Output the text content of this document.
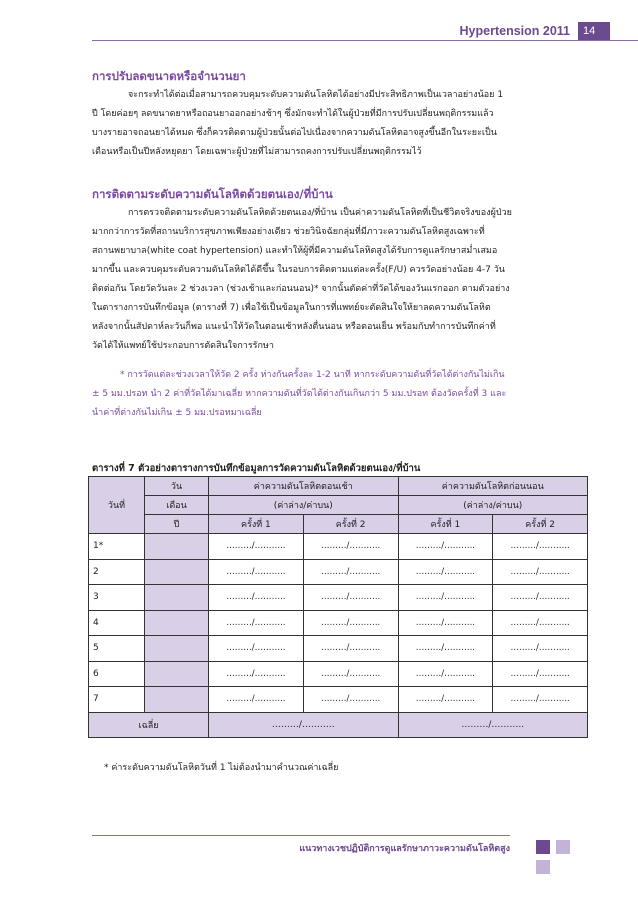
Hypertension 2011	14
การปรับลดขนาดหรือจำนวนยา
จะกระทำได้ต่อเมื่อสามารถควบคุมระดับความดันโลหิตได้อย่างมีประสิทธิภาพเป็นเวลาอย่างน้อย 1
ปี โดยค่อยๆ ลดขนาดยาหรือถอนยาออกอย่างช้าๆ ซึ่งมักจะทำได้ในผู้ป่วยที่มีการปรับเปลี่ยนพฤติกรรมแล้ว
บางรายอาจถอนยาได้หมด ซึ่งก็ควรติดตามผู้ป่วยนั้นต่อไปเนื่องจากความดันโลหิตอาจสูงขึ้นอีกในระยะเป็น
เดือนหรือเป็นปีหลังหยุดยา โดยเฉพาะผู้ป่วยที่ไม่สามารถคงการปรับเปลี่ยนพฤติกรรมไว้
การติดตามระดับความดันโลหิตด้วยตนเอง/ที่บ้าน
การตรวจติดตามระดับความดันโลหิตด้วยตนเอง/ที่บ้าน เป็นค่าความดันโลหิตที่เป็นชีวิตจริงของผู้ป่วย
มากกว่าการวัดที่สถานบริการสุขภาพเพียงอย่างเดียว ช่วยวินิจฉัยกลุ่มที่มีภาวะความดันโลหิตสูงเฉพาะที่
สถานพยาบาล(white coat hypertension) และทำให้ผู้ที่มีความดันโลหิตสูงได้รับการดูแลรักษาสม่ำเสมอ
มากขึ้น และควบคุมระดับความดันโลหิตได้ดีขึ้น ในรอบการติดตามแต่ละครั้ง(F/U) ควรวัดอย่างน้อย 4-7 วัน
ติดต่อกัน โดยวัดวันละ 2 ช่วงเวลา (ช่วงเช้าและก่อนนอน)* จากนั้นตัดค่าที่วัดได้ของวันแรกออก ตามตัวอย่าง
ในตารางการบันทึกข้อมูล (ตารางที่ 7) เพื่อใช้เป็นข้อมูลในการที่แพทย์จะตัดสินใจให้ยาลดความดันโลหิต
หลังจากนั้นสัปดาห์ละวันก็พอ แนะนำให้วัดในตอนเช้าหลังตื่นนอน หรือตอนเย็น พร้อมกับทำการบันทึกค่าที่
วัดได้ให้แพทย์ใช้ประกอบการตัดสินใจการรักษา
* การวัดแต่ละช่วงเวลาให้วัด 2 ครั้ง ห่างกันครั้งละ 1-2 นาที หากระดับความดันที่วัดได้ต่างกันไม่เกิน
± 5 มม.ปรอท นำ 2 ค่าที่วัดได้มาเฉลี่ย หากความดันที่วัดได้ต่างกันเกินกว่า 5 มม.ปรอท ต้องวัดครั้งที่ 3 และ
นำค่าที่ต่างกันไม่เกิน ± 5 มม.ปรอทมาเฉลี่ย
ตารางที่ 7 ตัวอย่างตารางการบันทึกข้อมูลการวัดความดันโลหิตด้วยตนเอง/ที่บ้าน
วันที่	วัน	ค่าความดันโลหิตตอนเช้า		ค่าความดันโลหิตก่อนนอน	
	เดือน	(ค่าล่าง/ค่าบน)		(ค่าล่าง/ค่าบน)	
	ปี	ครั้งที่ 1	ครั้งที่ 2	ครั้งที่ 1	ครั้งที่ 2
1*		………/………..	………/………..	………/………..	………/………..
2		………/………..	………/………..	………/………..	………/………..
3		………/………..	………/………..	………/………..	………/………..
4		………/………..	………/………..	………/………..	………/………..
5		………/………..	………/………..	………/………..	………/………..
6		………/………..	………/………..	………/………..	………/………..
7		………/………..	………/………..	………/………..	………/………..
เฉลี่ย		………/………..		………/………..	
* ค่าระดับความดันโลหิตวันที่ 1 ไม่ต้องนำมาคำนวณค่าเฉลี่ย
แนวทางเวชปฏิบัติการดูแลรักษาภาวะความดันโลหิตสูง
